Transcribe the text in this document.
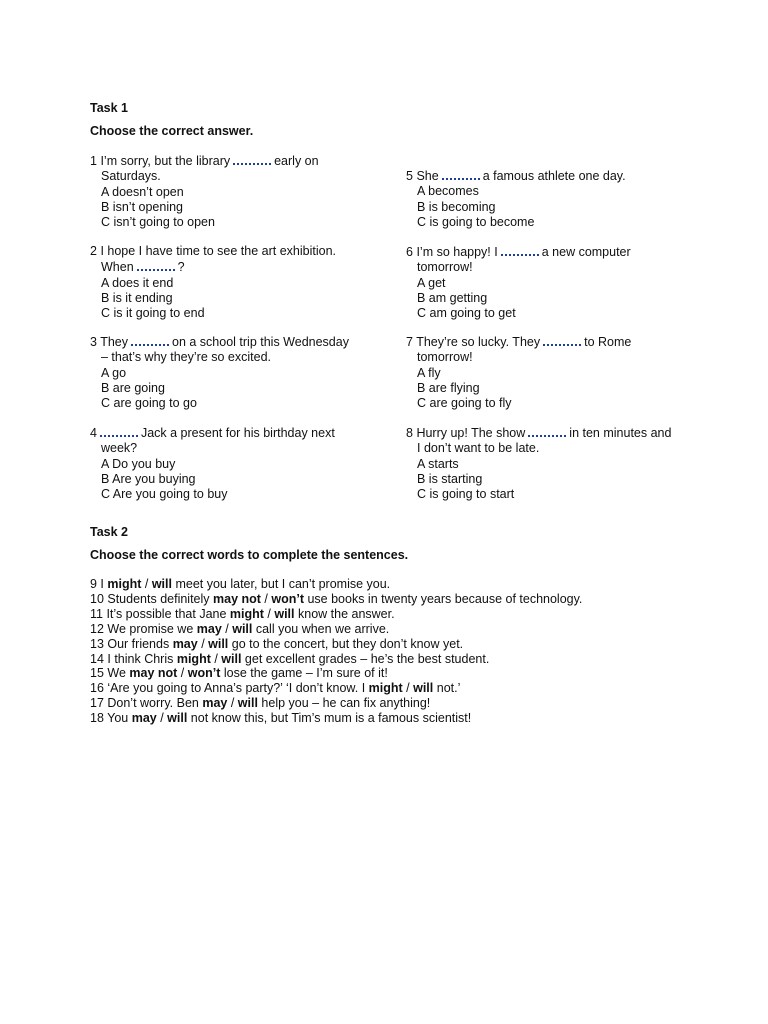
Task 1
Choose the correct answer.
1 I’m sorry, but the library	early on
Saturdays.
A doesn’t open
B isn’t opening
C isn’t going to open
2 I hope I have time to see the art exhibition.
When	?
A does it end
B is it ending
C is it going to end
3 They	on a school trip this Wednesday
– that’s why they’re so excited.
A go
B are going
C are going to go
4	Jack a present for his birthday next
week?
A Do you buy
B Are you buying
C Are you going to buy
5 She	a famous athlete one day.
A becomes
B is becoming
C is going to become
6 I’m so happy! I	a new computer
tomorrow!
A get
B am getting
C am going to get
7 They’re so lucky. They	to Rome
tomorrow!
A fly
B are flying
C are going to fly
8 Hurry up! The show	in ten minutes and
I don’t want to be late.
A starts
B is starting
C is going to start
Task 2
Choose the correct words to complete the sentences.
9 I might / will meet you later, but I can’t promise you.
10 Students definitely may not / won’t use books in twenty years because of technology.
11 It’s possible that Jane might / will know the answer.
12 We promise we may / will call you when we arrive.
13 Our friends may / will go to the concert, but they don’t know yet.
14 I think Chris might / will get excellent grades – he’s the best student.
15 We may not / won’t lose the game – I’m sure of it!
16 ‘Are you going to Anna’s party?’ ‘I don’t know. I might / will not.’
17 Don’t worry. Ben may / will help you – he can fix anything!
18 You may / will not know this, but Tim’s mum is a famous scientist!
